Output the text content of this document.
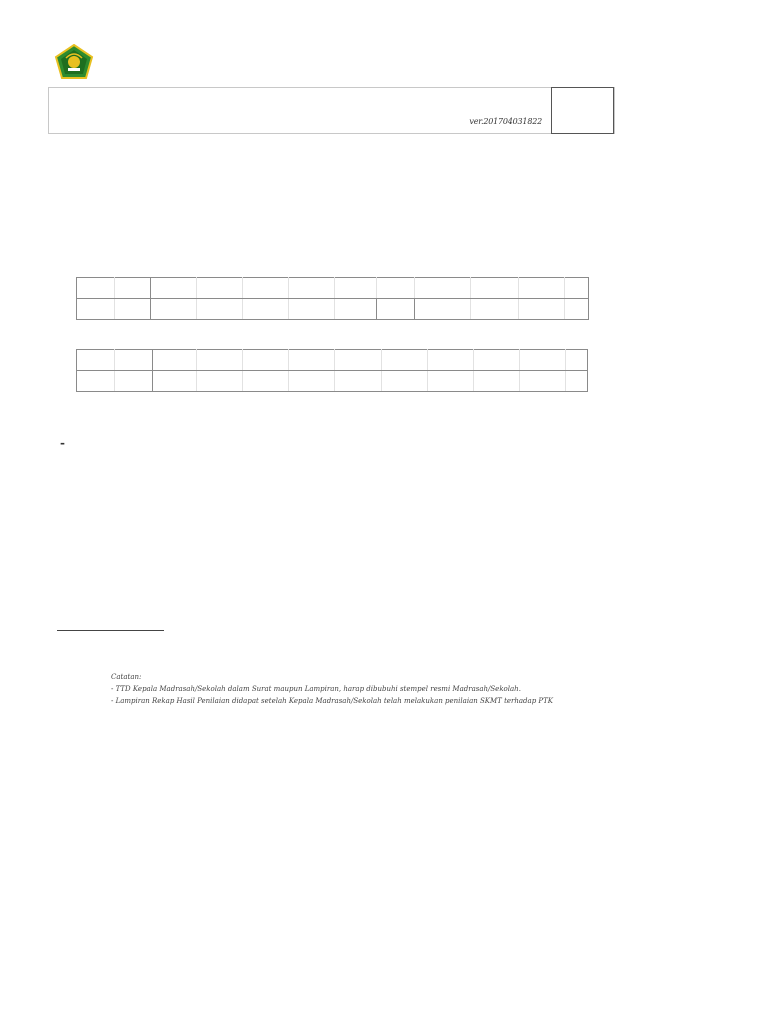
ver.201704031822

-
Catatan:
- TTD Kepala Madrasah/Sekolah dalam Surat maupun Lampiran, harap dibubuhi stempel resmi Madrasah/Sekolah.
- Lampiran Rekap Hasil Penilaian didapat setelah Kepala Madrasah/Sekolah telah melakukan penilaian SKMT terhadap PTK
